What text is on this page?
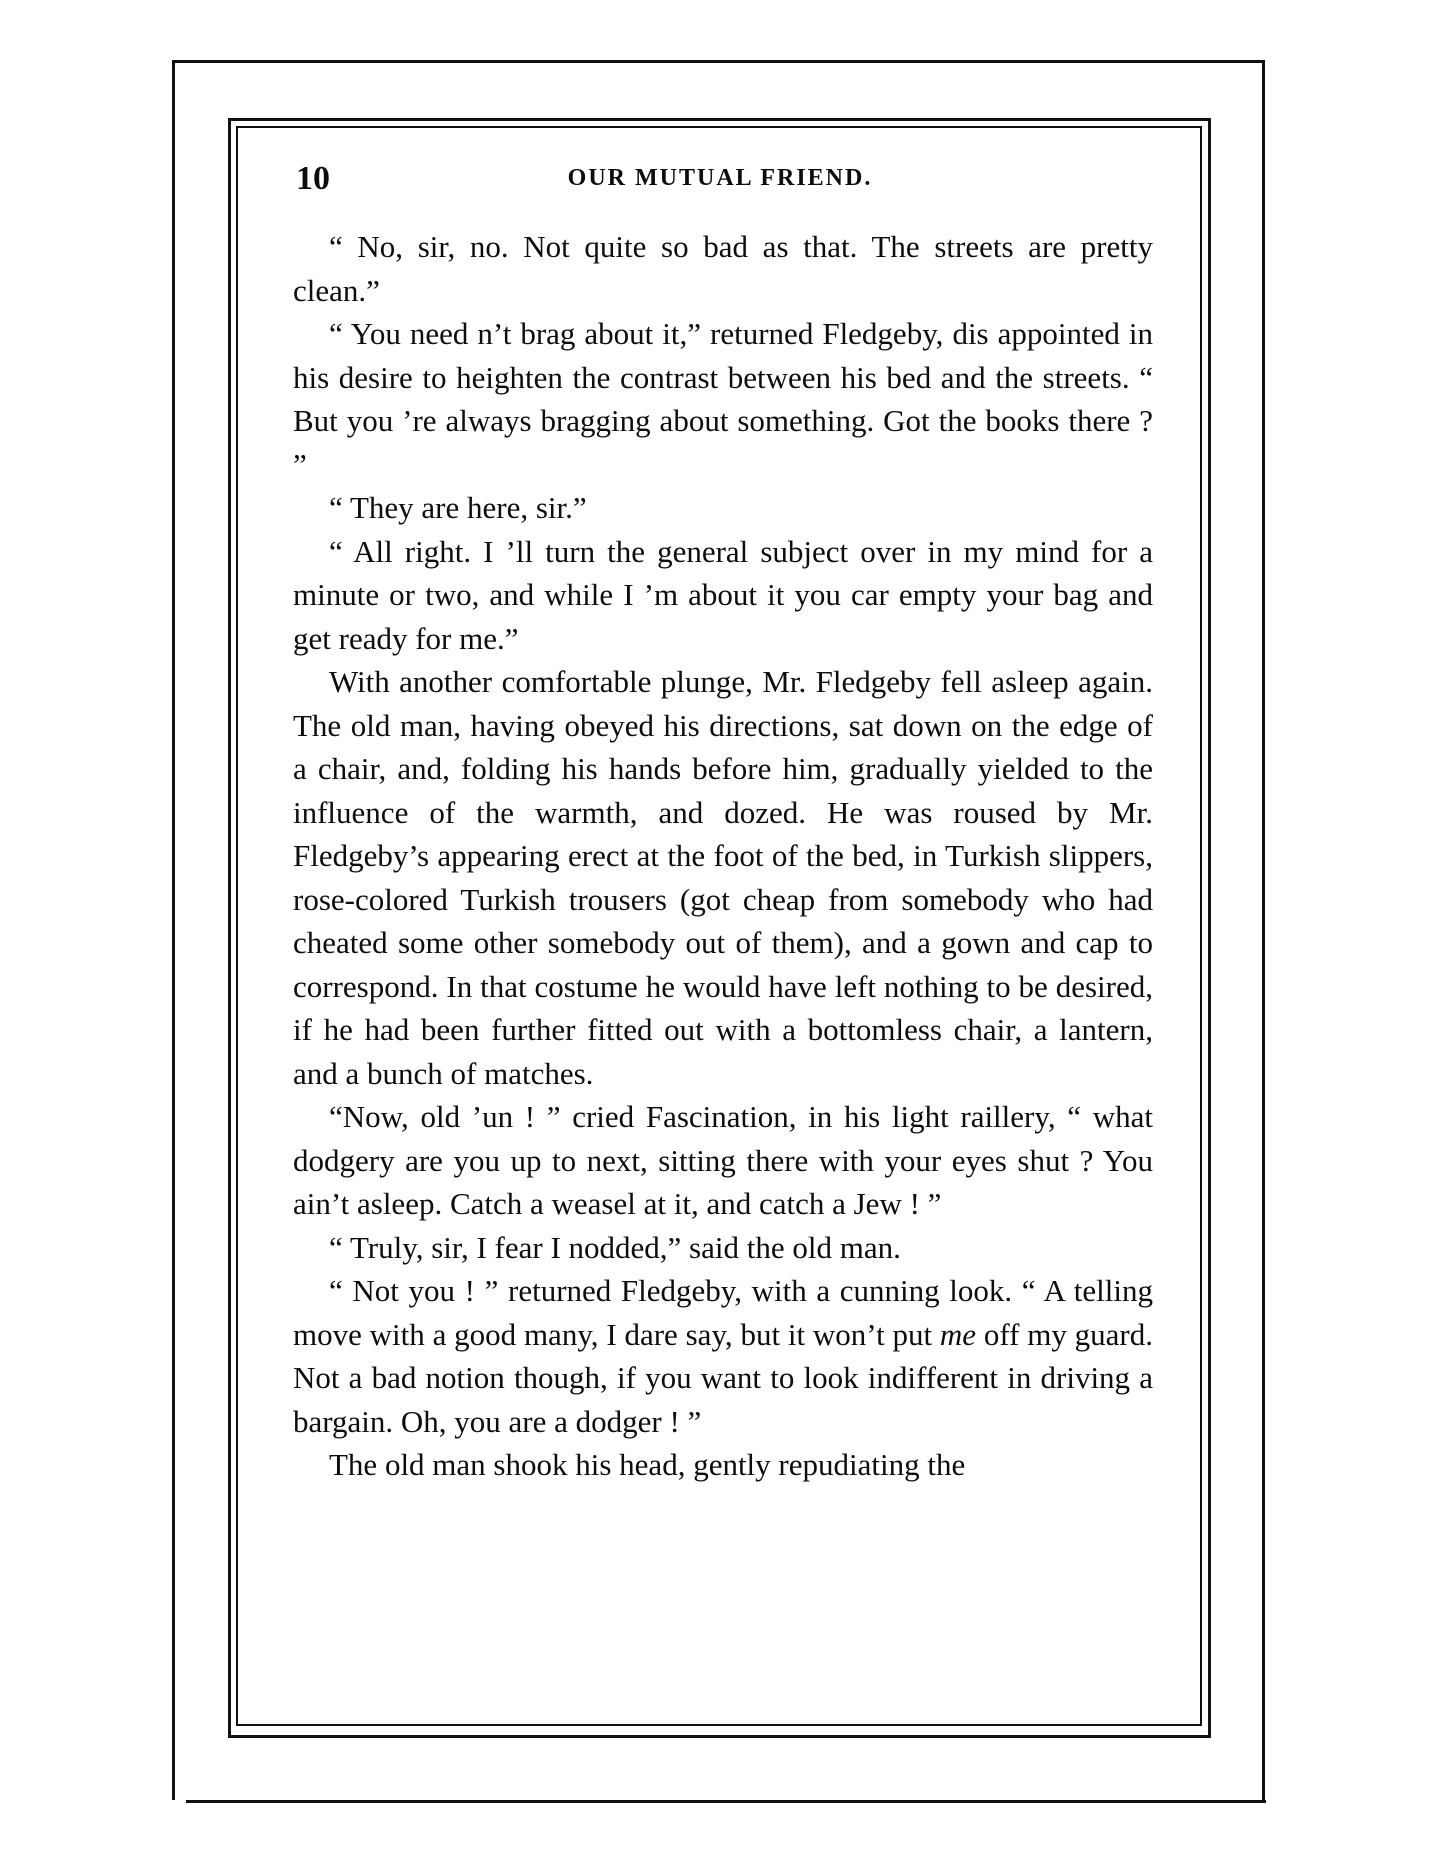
10	OUR MUTUAL FRIEND.

“ No, sir, no. Not quite so bad as that. The streets are pretty clean.”

“ You need n’t brag about it,” returned Fledgeby, dis appointed in his desire to heighten the contrast between his bed and the streets. “ But you ’re always bragging about something. Got the books there ? ”

“ They are here, sir.”

“ All right. I ’ll turn the general subject over in my mind for a minute or two, and while I ’m about it you car empty your bag and get ready for me.”

With another comfortable plunge, Mr. Fledgeby fell asleep again. The old man, having obeyed his directions, sat down on the edge of a chair, and, folding his hands before him, gradually yielded to the influence of the warmth, and dozed. He was roused by Mr. Fledgeby’s appearing erect at the foot of the bed, in Turkish slippers, rose-colored Turkish trousers (got cheap from somebody who had cheated some other somebody out of them), and a gown and cap to correspond. In that costume he would have left nothing to be desired, if he had been further fitted out with a bottomless chair, a lantern, and a bunch of matches.

“Now, old ’un ! ” cried Fascination, in his light raillery, “ what dodgery are you up to next, sitting there with your eyes shut ? You ain’t asleep. Catch a weasel at it, and catch a Jew ! ”

“ Truly, sir, I fear I nodded,” said the old man.

“ Not you ! ” returned Fledgeby, with a cunning look. “ A telling move with a good many, I dare say, but it won’t put me off my guard. Not a bad notion though, if you want to look indifferent in driving a bargain. Oh, you are a dodger ! ”

The old man shook his head, gently repudiating the
